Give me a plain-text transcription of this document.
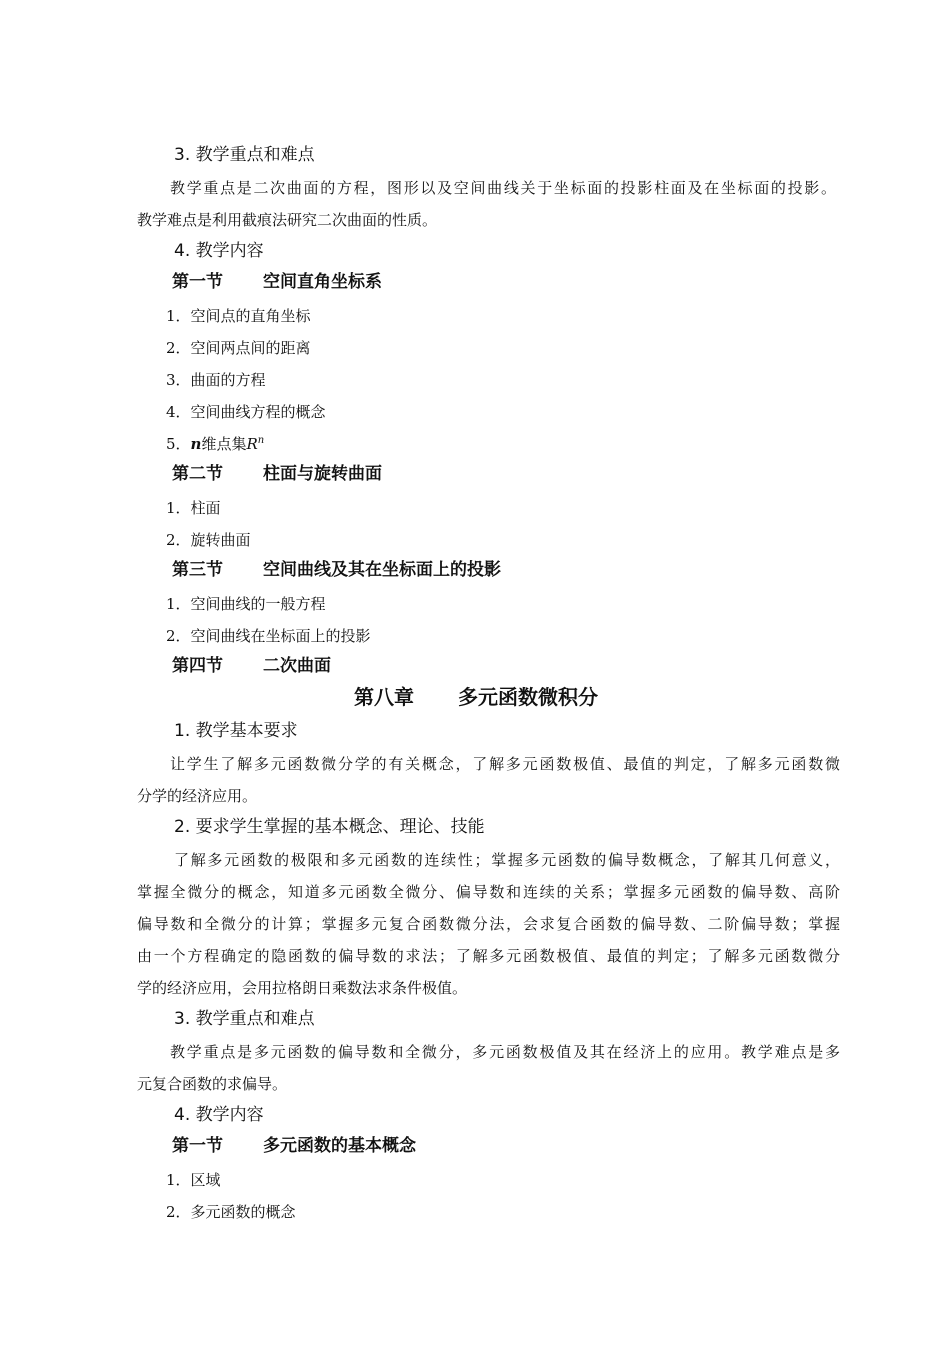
3. 教学重点和难点
教学重点是二次曲面的方程，图形以及空间曲线关于坐标面的投影柱面及在坐标面的投影。
教学难点是利用截痕法研究二次曲面的性质。
4. 教学内容
第一节 空间直角坐标系
1．空间点的直角坐标
2．空间两点间的距离
3．曲面的方程
4．空间曲线方程的概念
5．n维点集$R^n$
第二节 柱面与旋转曲面
1．柱面
2．旋转曲面
第三节 空间曲线及其在坐标面上的投影
1．空间曲线的一般方程
2．空间曲线在坐标面上的投影
第四节 二次曲面
第八章 多元函数微积分
1. 教学基本要求
让学生了解多元函数微分学的有关概念，了解多元函数极值、最值的判定，了解多元函数微
分学的经济应用。
2. 要求学生掌握的基本概念、理论、技能
了解多元函数的极限和多元函数的连续性；掌握多元函数的偏导数概念，了解其几何意义，
掌握全微分的概念，知道多元函数全微分、偏导数和连续的关系；掌握多元函数的偏导数、高阶
偏导数和全微分的计算；掌握多元复合函数微分法，会求复合函数的偏导数、二阶偏导数；掌握
由一个方程确定的隐函数的偏导数的求法；了解多元函数极值、最值的判定；了解多元函数微分
学的经济应用，会用拉格朗日乘数法求条件极值。
3. 教学重点和难点
教学重点是多元函数的偏导数和全微分，多元函数极值及其在经济上的应用。教学难点是多
元复合函数的求偏导。
4. 教学内容
第一节 多元函数的基本概念
1．区域
2．多元函数的概念
